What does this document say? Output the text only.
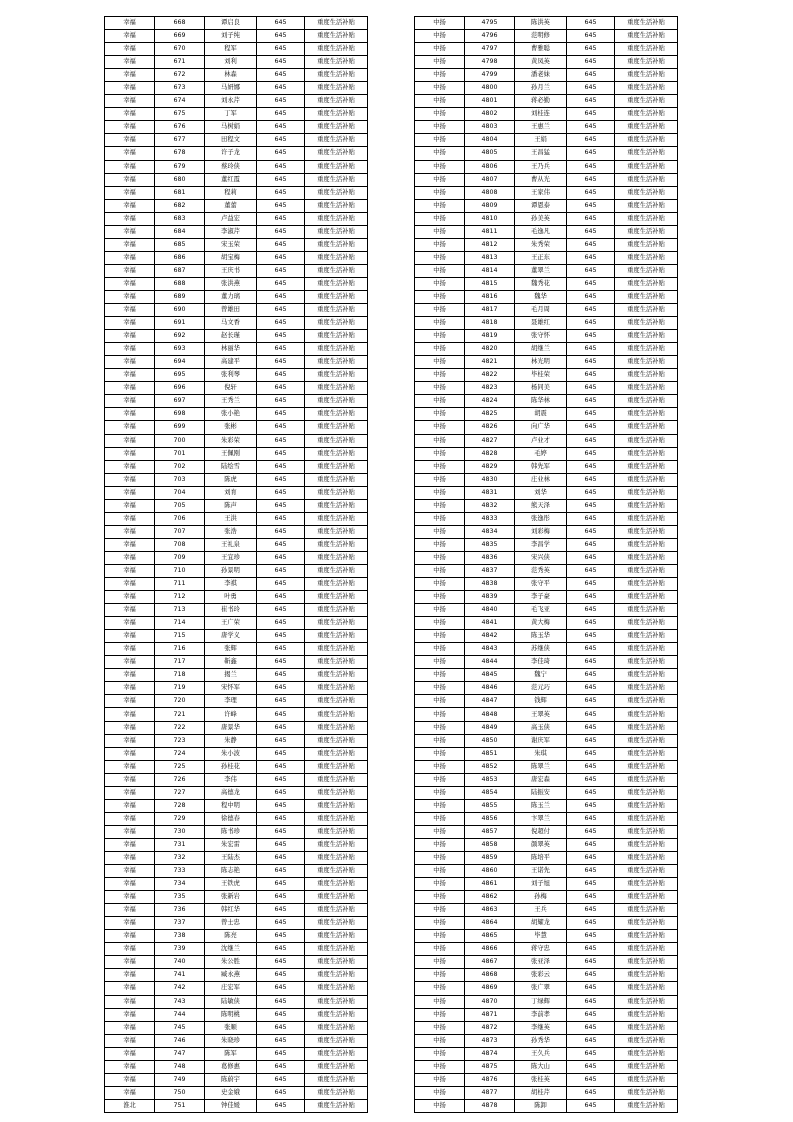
幸福	668	谭启良	645	重度生活补贴
幸福	669	刘子纯	645	重度生活补贴
幸福	670	程军	645	重度生活补贴
幸福	671	刘利	645	重度生活补贴
幸福	672	林森	645	重度生活补贴
幸福	673	马妍娜	645	重度生活补贴
幸福	674	刘永芹	645	重度生活补贴
幸福	675	丁军	645	重度生活补贴
幸福	676	马树娟	645	重度生活补贴
幸福	677	田程文	645	重度生活补贴
幸福	678	许子龙	645	重度生活补贴
幸福	679	蔡玲侠	645	重度生活补贴
幸福	680	董红霞	645	重度生活补贴
幸福	681	程莉	645	重度生活补贴
幸福	682	董蕾	645	重度生活补贴
幸福	683	卢益宏	645	重度生活补贴
幸福	684	李淑芹	645	重度生活补贴
幸福	685	宋玉荣	645	重度生活补贴
幸福	686	胡宝梅	645	重度生活补贴
幸福	687	王庆书	645	重度生活补贴
幸福	688	张洪燕	645	重度生活补贴
幸福	689	董力璃	645	重度生活补贴
幸福	690	曾雄田	645	重度生活补贴
幸福	691	马文香	645	重度生活补贴
幸福	692	赵长瑾	645	重度生活补贴
幸福	693	林丽华	645	重度生活补贴
幸福	694	高建平	645	重度生活补贴
幸福	695	张利琴	645	重度生活补贴
幸福	696	倪轩	645	重度生活补贴
幸福	697	王秀兰	645	重度生活补贴
幸福	698	张小艳	645	重度生活补贴
幸福	699	张彬	645	重度生活补贴
幸福	700	朱彩荣	645	重度生活补贴
幸福	701	王佩刚	645	重度生活补贴
幸福	702	陆绘雪	645	重度生活补贴
幸福	703	陈虎	645	重度生活补贴
幸福	704	刘育	645	重度生活补贴
幸福	705	陈声	645	重度生活补贴
幸福	706	王洪	645	重度生活补贴
幸福	707	张浩	645	重度生活补贴
幸福	708	王礼泉	645	重度生活补贴
幸福	709	王宜珍	645	重度生活补贴
幸福	710	孙景明	645	重度生活补贴
幸福	711	李祺	645	重度生活补贴
幸福	712	叶勇	645	重度生活补贴
幸福	713	崔书玲	645	重度生活补贴
幸福	714	王广荣	645	重度生活补贴
幸福	715	唐学义	645	重度生活补贴
幸福	716	张辉	645	重度生活补贴
幸福	717	靳鑫	645	重度生活补贴
幸福	718	揭兰	645	重度生活补贴
幸福	719	宋怀军	645	重度生活补贴
幸福	720	李理	645	重度生活补贴
幸福	721	许峰	645	重度生活补贴
幸福	722	唐景华	645	重度生活补贴
幸福	723	朱静	645	重度生活补贴
幸福	724	朱小波	645	重度生活补贴
幸福	725	孙桂花	645	重度生活补贴
幸福	726	李伟	645	重度生活补贴
幸福	727	高德龙	645	重度生活补贴
幸福	728	程中明	645	重度生活补贴
幸福	729	徐德春	645	重度生活补贴
幸福	730	陈书珍	645	重度生活补贴
幸福	731	朱宏雷	645	重度生活补贴
幸福	732	王陆杰	645	重度生活补贴
幸福	733	陈志艳	645	重度生活补贴
幸福	734	王铁虎	645	重度生活补贴
幸福	735	张新岩	645	重度生活补贴
幸福	736	韩红华	645	重度生活补贴
幸福	737	曾士忠	645	重度生活补贴
幸福	738	陈亮	645	重度生活补贴
幸福	739	沈继兰	645	重度生活补贴
幸福	740	朱公胜	645	重度生活补贴
幸福	741	臧永燕	645	重度生活补贴
幸福	742	庄宏军	645	重度生活补贴
幸福	743	陆敏侠	645	重度生活补贴
幸福	744	陈明桃	645	重度生活补贴
幸福	745	张顺	645	重度生活补贴
幸福	746	朱晓珍	645	重度生活补贴
幸福	747	陈军	645	重度生活补贴
幸福	748	葛修惠	645	重度生活补贴
幸福	749	陈蔚宇	645	重度生活补贴
幸福	750	史金娥	645	重度生活补贴
淮北	751	钟佳媛	645	重度生活补贴
中扬	4795	陈洪英	645	重度生活补贴
中扬	4796	范明修	645	重度生活补贴
中扬	4797	曹雅聪	645	重度生活补贴
中扬	4798	黄凤英	645	重度生活补贴
中扬	4799	潘老妹	645	重度生活补贴
中扬	4800	孙月兰	645	重度生活补贴
中扬	4801	蒋必勤	645	重度生活补贴
中扬	4802	刘桂连	645	重度生活补贴
中扬	4803	王惠兰	645	重度生活补贴
中扬	4804	王娟	645	重度生活补贴
中扬	4805	王昌猛	645	重度生活补贴
中扬	4806	王乃兵	645	重度生活补贴
中扬	4807	曹从光	645	重度生活补贴
中扬	4808	王家伟	645	重度生活补贴
中扬	4809	谭恩泰	645	重度生活补贴
中扬	4810	孙美英	645	重度生活补贴
中扬	4811	毛逸凡	645	重度生活补贴
中扬	4812	朱秀荣	645	重度生活补贴
中扬	4813	王正东	645	重度生活补贴
中扬	4814	董翠兰	645	重度生活补贴
中扬	4815	魏秀花	645	重度生活补贴
中扬	4816	魏华	645	重度生活补贴
中扬	4817	毛月周	645	重度生活补贴
中扬	4818	聂雄红	645	重度生活补贴
中扬	4819	张守怀	645	重度生活补贴
中扬	4820	胡继兰	645	重度生活补贴
中扬	4821	林光明	645	重度生活补贴
中扬	4822	毕桂荣	645	重度生活补贴
中扬	4823	杨同美	645	重度生活补贴
中扬	4824	陈华林	645	重度生活补贴
中扬	4825	胡震	645	重度生活补贴
中扬	4826	向广华	645	重度生活补贴
中扬	4827	卢业才	645	重度生活补贴
中扬	4828	毛婷	645	重度生活补贴
中扬	4829	韩先军	645	重度生活补贴
中扬	4830	庄业林	645	重度生活补贴
中扬	4831	刘华	645	重度生活补贴
中扬	4832	熊天泽	645	重度生活补贴
中扬	4833	张逸彤	645	重度生活补贴
中扬	4834	刘彩梅	645	重度生活补贴
中扬	4835	李昌学	645	重度生活补贴
中扬	4836	宋兴侠	645	重度生活补贴
中扬	4837	范秀英	645	重度生活补贴
中扬	4838	张守平	645	重度生活补贴
中扬	4839	李子豪	645	重度生活补贴
中扬	4840	毛飞亚	645	重度生活补贴
中扬	4841	黄大梅	645	重度生活补贴
中扬	4842	陈玉华	645	重度生活补贴
中扬	4843	苏继侠	645	重度生活补贴
中扬	4844	李佳琦	645	重度生活补贴
中扬	4845	魏宁	645	重度生活补贴
中扬	4846	范元巧	645	重度生活补贴
中扬	4847	钱辉	645	重度生活补贴
中扬	4848	王翠英	645	重度生活补贴
中扬	4849	高玉侠	645	重度生活补贴
中扬	4850	谢庆军	645	重度生活补贴
中扬	4851	朱琪	645	重度生活补贴
中扬	4852	陈翠兰	645	重度生活补贴
中扬	4853	唐宏森	645	重度生活补贴
中扬	4854	陆振安	645	重度生活补贴
中扬	4855	陈玉兰	645	重度生活补贴
中扬	4856	卞翠兰	645	重度生活补贴
中扬	4857	倪超付	645	重度生活补贴
中扬	4858	颜翠英	645	重度生活补贴
中扬	4859	陈培平	645	重度生活补贴
中扬	4860	王诺先	645	重度生活补贴
中扬	4861	刘子旭	645	重度生活补贴
中扬	4862	孙梅	645	重度生活补贴
中扬	4863	王兵	645	重度生活补贴
中扬	4864	胡耀龙	645	重度生活补贴
中扬	4865	毕慧	645	重度生活补贴
中扬	4866	蒋守忠	645	重度生活补贴
中扬	4867	张亚泽	645	重度生活补贴
中扬	4868	张彩云	645	重度生活补贴
中扬	4869	张广翠	645	重度生活补贴
中扬	4870	丁绿辉	645	重度生活补贴
中扬	4871	李前孝	645	重度生活补贴
中扬	4872	李继英	645	重度生活补贴
中扬	4873	孙秀华	645	重度生活补贴
中扬	4874	王久兵	645	重度生活补贴
中扬	4875	陈大山	645	重度生活补贴
中扬	4876	张桂英	645	重度生活补贴
中扬	4877	胡桂芹	645	重度生活补贴
中扬	4878	陈卸	645	重度生活补贴
